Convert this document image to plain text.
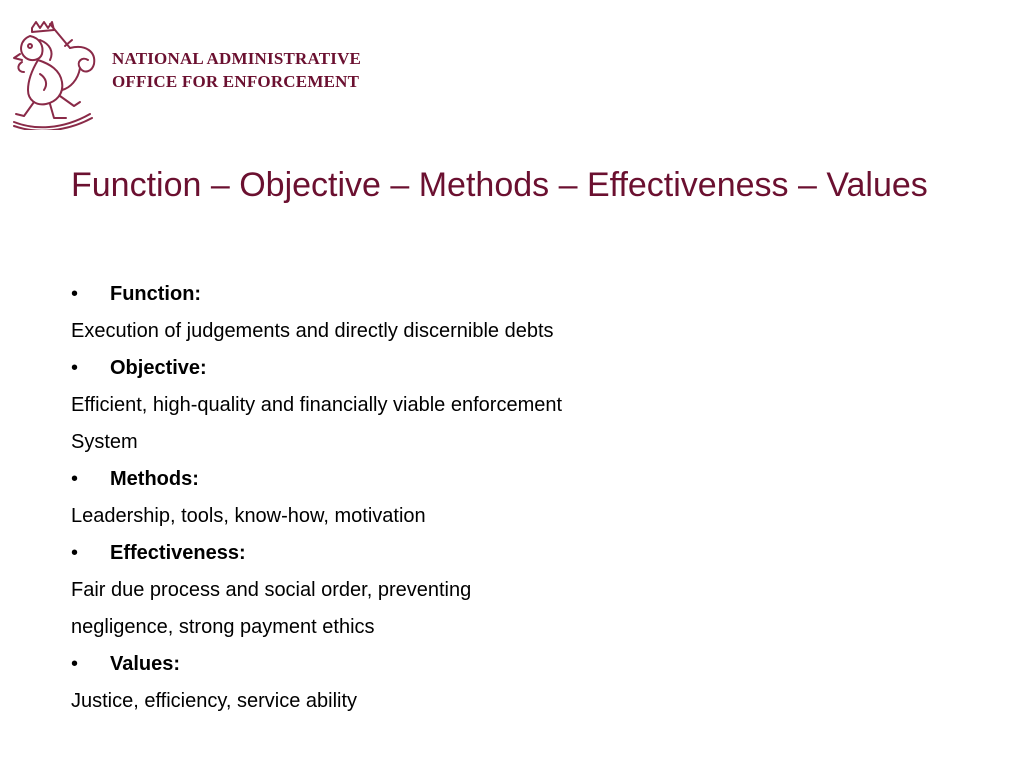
NATIONAL ADMINISTRATIVE
OFFICE FOR ENFORCEMENT
Function – Objective – Methods – Effectiveness – Values
•	Function:
Execution of judgements and directly discernible debts
•	Objective:
Efficient, high-quality and financially viable enforcement
System
•	Methods:
Leadership, tools, know-how, motivation
•	Effectiveness:
Fair due process and social order, preventing
negligence, strong payment ethics
•	Values:
Justice, efficiency, service ability
